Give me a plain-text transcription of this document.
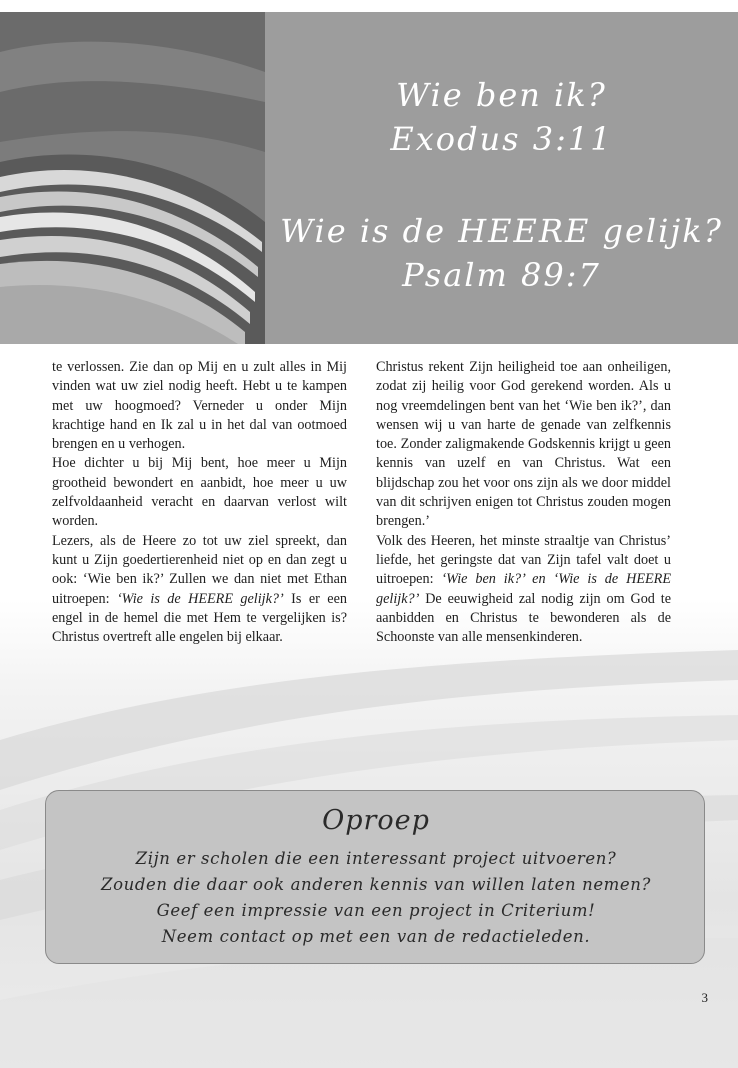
Wie ben ik?
Exodus 3:11
Wie is de HEERE gelijk?
Psalm 89:7

te verlossen. Zie dan op Mij en u zult alles in Mij vinden wat uw ziel nodig heeft. Hebt u te kampen met uw hoogmoed? Verneder u onder Mijn krachtige hand en Ik zal u in het dal van ootmoed brengen en u verhogen.

Hoe dichter u bij Mij bent, hoe meer u Mijn grootheid bewondert en aanbidt, hoe meer u uw zelfvoldaanheid veracht en daarvan verlost wilt worden.

Lezers, als de Heere zo tot uw ziel spreekt, dan kunt u Zijn goedertierenheid niet op en dan zegt u ook: ‘Wie ben ik?’ Zullen we dan niet met Ethan uitroepen: ‘Wie is de HEERE gelijk?’ Is er een engel in de hemel die met Hem te vergelijken is? Christus overtreft alle engelen bij elkaar.

Christus rekent Zijn heiligheid toe aan onheiligen, zodat zij heilig voor God gerekend worden. Als u nog vreemdelingen bent van het ‘Wie ben ik?’, dan wensen wij u van harte de genade van zelfkennis toe. Zonder zaligmakende Godskennis krijgt u geen kennis van uzelf en van Christus. Wat een blijdschap zou het voor ons zijn als we door middel van dit schrijven enigen tot Christus zouden mogen brengen.’

Volk des Heeren, het minste straaltje van Christus’ liefde, het geringste dat van Zijn tafel valt doet u uitroepen: ‘Wie ben ik?’ en ‘Wie is de HEERE gelijk?’ De eeuwigheid zal nodig zijn om God te aanbidden en Christus te bewonderen als de Schoonste van alle mensenkinderen.

Oproep
Zijn er scholen die een interessant project uitvoeren?
Zouden die daar ook anderen kennis van willen laten nemen?
Geef een impressie van een project in Criterium!
Neem contact op met een van de redactieleden.
3
